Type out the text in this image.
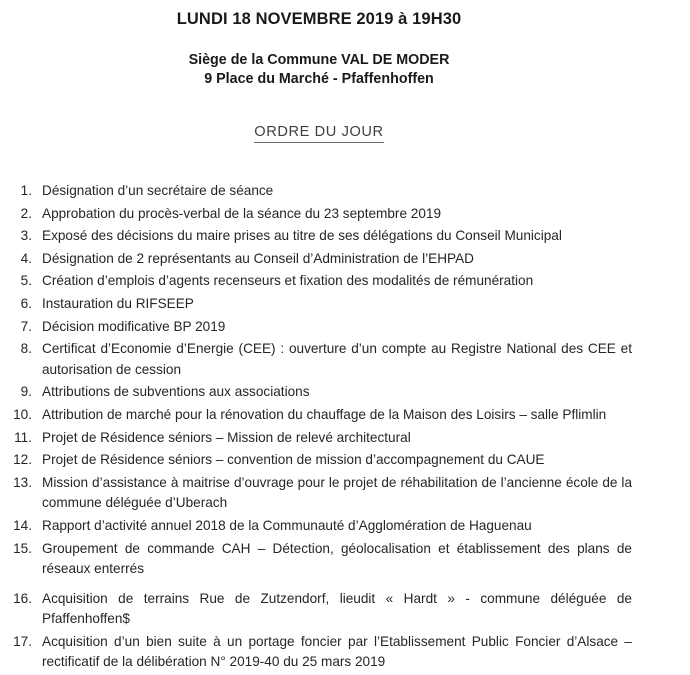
LUNDI 18 NOVEMBRE 2019 à 19H30
Siège de la Commune VAL DE MODER
9 Place du Marché - Pfaffenhoffen
ORDRE DU JOUR
1. Désignation d’un secrétaire de séance
2. Approbation du procès-verbal de la séance du 23 septembre 2019
3. Exposé des décisions du maire prises au titre de ses délégations du Conseil Municipal
4. Désignation de 2 représentants au Conseil d’Administration de l’EHPAD
5. Création d’emplois d’agents recenseurs et fixation des modalités de rémunération
6. Instauration du RIFSEEP
7. Décision modificative BP 2019
8. Certificat d’Economie d’Energie (CEE) : ouverture d’un compte au Registre National des CEE et autorisation de cession
9. Attributions de subventions aux associations
10. Attribution de marché pour la rénovation du chauffage de la Maison des Loisirs – salle Pflimlin
11. Projet de Résidence séniors – Mission de relevé architectural
12. Projet de Résidence séniors – convention de mission d’accompagnement du CAUE
13. Mission d’assistance à maitrise d’ouvrage pour le projet de réhabilitation de l’ancienne école de la commune déléguée d’Uberach
14. Rapport d’activité annuel 2018 de la Communauté d’Agglomération de Haguenau
15. Groupement de commande CAH – Détection, géolocalisation et établissement des plans de réseaux enterrés
16. Acquisition de terrains Rue de Zutzendorf, lieudit « Hardt » - commune déléguée de Pfaffenhoffen$
17. Acquisition d’un bien suite à un portage foncier par l’Etablissement Public Foncier d’Alsace – rectificatif de la délibération N° 2019-40 du 25 mars 2019
